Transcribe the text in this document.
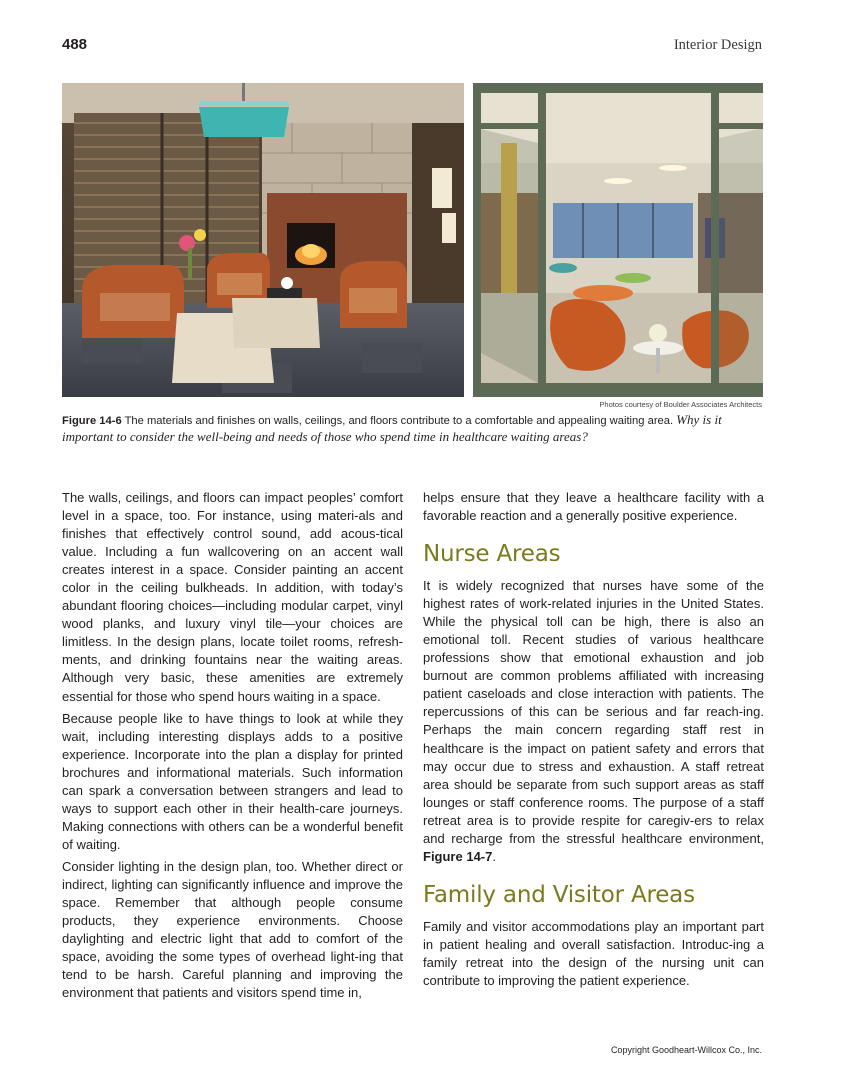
488	Interior Design
Photos courtesy of Boulder Associates Architects
Figure 14-6 The materials and finishes on walls, ceilings, and floors contribute to a comfortable and appealing waiting area. Why is it important to consider the well-being and needs of those who spend time in healthcare waiting areas?

The walls, ceilings, and floors can impact peoples’ comfort level in a space, too. For instance, using materi-als and finishes that effectively control sound, add acous-tical value. Including a fun wallcovering on an accent wall creates interest in a space. Consider painting an accent color in the ceiling bulkheads. In addition, with today’s abundant flooring choices—including modular carpet, vinyl wood planks, and luxury vinyl tile—your choices are limitless. In the design plans, locate toilet rooms, refresh-ments, and drinking fountains near the waiting areas. Although very basic, these amenities are extremely essential for those who spend hours waiting in a space.

Because people like to have things to look at while they wait, including interesting displays adds to a positive experience. Incorporate into the plan a display for printed brochures and informational materials. Such information can spark a conversation between strangers and lead to ways to support each other in their health-care journeys. Making connections with others can be a wonderful benefit of waiting.

Consider lighting in the design plan, too. Whether direct or indirect, lighting can significantly influence and improve the space. Remember that although people consume products, they experience environments. Choose daylighting and electric light that add to comfort of the space, avoiding the some types of overhead light-ing that tend to be harsh. Careful planning and improving the environment that patients and visitors spend time in,

helps ensure that they leave a healthcare facility with a favorable reaction and a generally positive experience.

Nurse Areas

It is widely recognized that nurses have some of the highest rates of work-related injuries in the United States. While the physical toll can be high, there is also an emotional toll. Recent studies of various healthcare professions show that emotional exhaustion and job burnout are common problems affiliated with increasing patient caseloads and close interaction with patients. The repercussions of this can be serious and far reach-ing. Perhaps the main concern regarding staff rest in healthcare is the impact on patient safety and errors that may occur due to stress and exhaustion. A staff retreat area should be separate from such support areas as staff lounges or staff conference rooms. The purpose of a staff retreat area is to provide respite for caregiv-ers to relax and recharge from the stressful healthcare environment, Figure 14-7.

Family and Visitor Areas

Family and visitor accommodations play an important part in patient healing and overall satisfaction. Introduc-ing a family retreat into the design of the nursing unit can contribute to improving the patient experience.

Copyright Goodheart-Willcox Co., Inc.
